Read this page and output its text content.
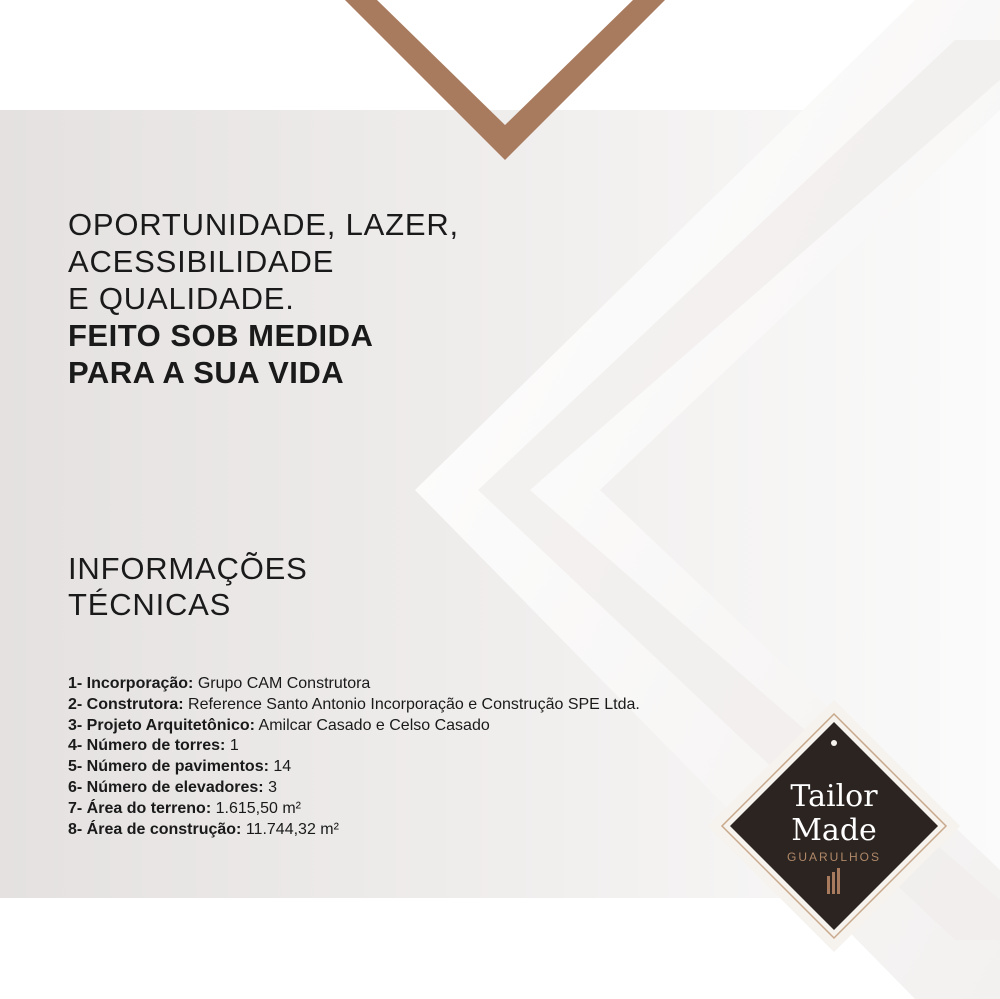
OPORTUNIDADE, LAZER,
ACESSIBILIDADE
E QUALIDADE.
FEITO SOB MEDIDA
PARA A SUA VIDA
INFORMAÇÕES
TÉCNICAS
1- Incorporação: Grupo CAM Construtora
2- Construtora: Reference Santo Antonio Incorporação e Construção SPE Ltda.
3- Projeto Arquitetônico: Amilcar Casado e Celso Casado
4- Número de torres: 1
5- Número de pavimentos: 14
6- Número de elevadores: 3
7- Área do terreno: 1.615,50 m²
8- Área de construção: 11.744,32 m²
Tailor
Made
GUARULHOS
